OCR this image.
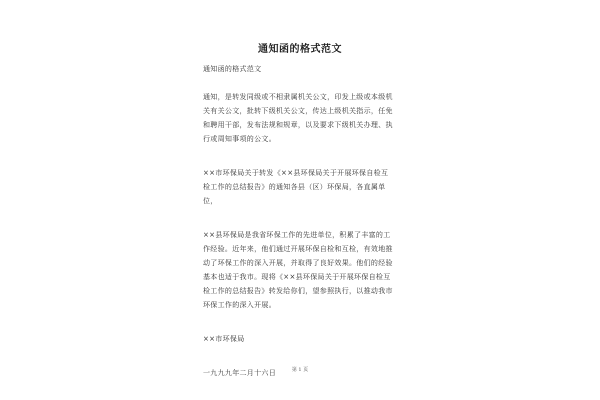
通知函的格式范文

通知函的格式范文

通知，是转发同级或不相隶属机关公文，印发上级或本级机关有关公文，批转下级机关公文，传达上级机关指示，任免和聘用干部，发布法规和规章，以及要求下级机关办理、执行或周知事项的公文。

××市环保局关于转发《××县环保局关于开展环保自检互检工作的总结报告》的通知各县（区）环保局，各直属单位，

××县环保局是我省环保工作的先进单位，积累了丰富的工作经验。近年来，他们通过开展环保自检和互检，有效地推动了环保工作的深入开展，并取得了良好效果。他们的经验基本也适于我市。现将《××县环保局关于开展环保自检互检工作的总结报告》转发给你们，望参照执行，以推动我市环保工作的深入开展。

××市环保局

一九九九年二月十六日	第 1 页
